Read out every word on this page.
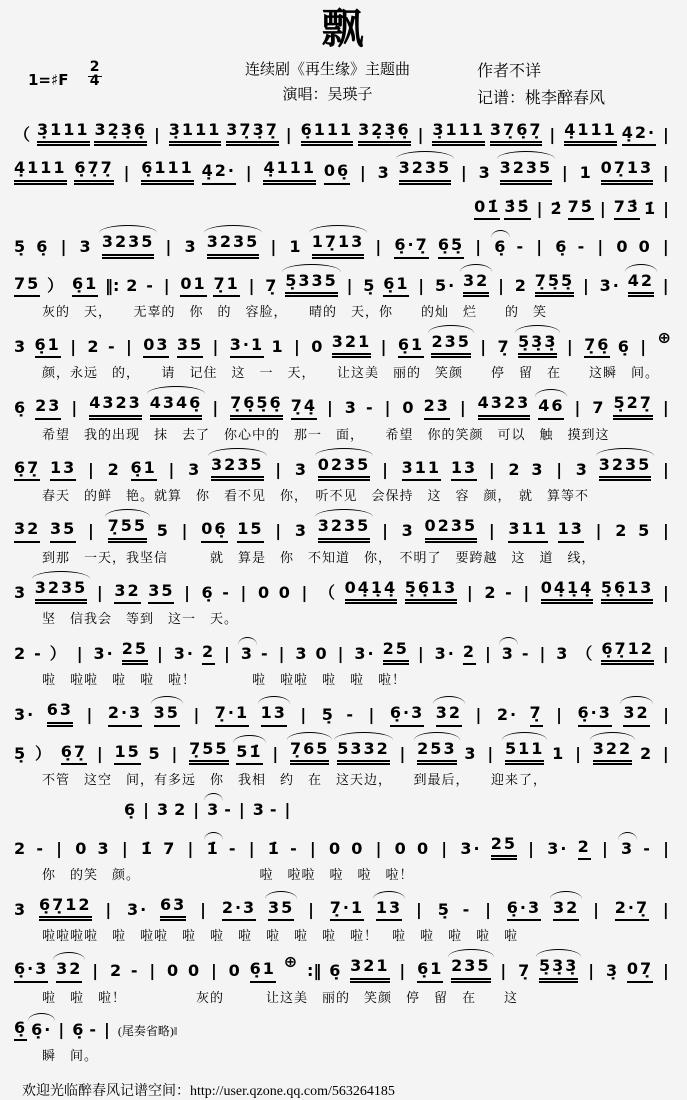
飘
1=♯F 2
4
连续剧《再生缘》主题曲
演唱：吴瑛子
作者不详
记谱：桃李醉春风
（ 3̣111 32̣3̣6̣ | 3̣111 37̣3̣7̣ | 6̣111 32̣3̣6̣ | 3̣111 37̣6̣7̣ | 4̣111 4̣2· |
4̣111 6̣7̣7̣ | 6̣111 4̣2· | 4̣111 06̣ | 3 3235 | 3 3235 | 1 07̣13 |
01̇ 3̇5̇ | 2̇ 75̇ | 73̇ 1̇ |
5̣ 6̣ | 3 3235 | 3 3235 | 1 17̣13 | 6̣·7̣ 6̣5̣ | 6̣ - | 6̣ - | 0 0 |
75 ） 6̣1 ‖: 2 - | 01 7̣1 | 7̣ 5̣335 | 5̣ 6̣1 | 5· 32 | 2 7̣5̣5̣ | 3· 42 |
灰的　天，　　无辜的　你　的　容脸，　　晴的　天，你　　的灿　烂　　的　笑
3 6̣1 | 2 - | 03 35 | 3·1 1 | 0 321 | 6̣1 235 | 7̣ 5̣3̣3̣ | 7̣6̣ 6̣ | ⊕
颜，永远　的，　　请　记住　这　一　天，　　让这美　丽的　笑颜　　停　留　在　　这瞬　间。
6̣ 23 | 4323 4346̣ | 7̣6̣5̣6̣ 7̣4̣ | 3 - | 0 23 | 4323 46 | 7 5̣27̣ |
希望　我的出现　抹　去了　你心中的　那一　面，　　希望　你的笑颜　可以　触　摸到这
6̣7̣ 13 | 2 6̣1 | 3 3235 | 3 0235 | 311 13 | 2 3 | 3 3235 |
春天　的鲜　艳。就算　你　看不见　你，　听不见　会保持　这　容　颜，　就　算等不
32 35 | 7̣55 5 | 06̣ 15 | 3 3235 | 3 0235 | 311 13 | 2 5 |
到那　一天，我坚信　　　就　算是　你　不知道　你，　不明了　要跨越　这　道　线，
3 3235 | 32 35 | 6̣ - | 0 0 | （ 04̣1̣4̣ 5̣6̣13 | 2 - | 04̣1̣4̣ 5̣6̣13 |
坚　信我会　等到　这一　天。
2 - ） | 3· 25 | 3· 2 | 3 - | 3 0 | 3· 25 | 3· 2 | 3 - | 3 （ 6̣7̣12 |
啦　啦啦　啦　啦　啦！　　　　啦　啦啦　啦　啦　啦！
3· 63 | 2·3 35 | 7̣·1 13 | 5̣ - | 6̣·3 32 | 2· 7̣ | 6̣·3 32 |
5̣ ） 6̣7̣ | 15 5 | 7̣55 51̇ | 7̣65 5332 | 253 3 | 511 1 | 322 2 |
不管　这空　间，有多远　你　我相　约　在　这天边，　　到最后，　　迎来了，
6̣ | 3 2 | 3 - | 3 - |
2 - | 0 3 | 1̇ 7 | 1̇ - | 1̇ - | 0 0 | 0 0 | 3· 25 | 3· 2 | 3 - |
你　的笑　颜。　　　　　　　　　啦　啦啦　啦　啦　啦！
3 6̣7̣12 | 3· 63 | 2·3 35 | 7̣·1 13 | 5̣ - | 6̣·3 32 | 2·7̣ |
啦啦啦啦　啦　啦啦　啦　啦　啦　啦　啦　啦　啦！　啦　啦　啦　啦　啦
6̣·3 32 | 2 - | 0 0 | 0 6̣1 ⊕ :‖ 6̣ 321 | 6̣1 235 | 7̣ 5̣3̣3̣ | 3̣ 07̣ |
啦　啦　啦！　　　　　灰的　　　让这美　丽的　笑颜　停　留　在　　这
6̣ 6̣· | 6̣ - | (尾奏省略)‖
瞬　间。
欢迎光临醉春风记谱空间：http://user.qzone.qq.com/563264185
